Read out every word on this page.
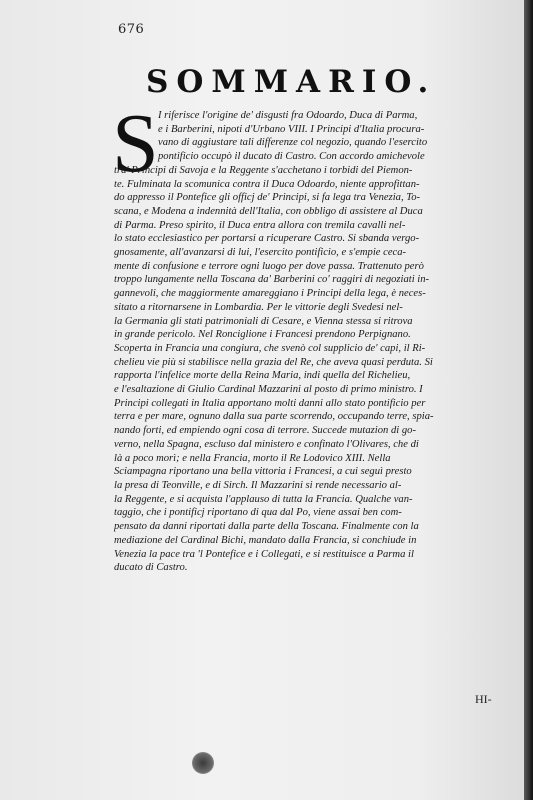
676
SOMMARIO.
S I riferisce l'origine de' disgusti fra Odoardo, Duca di Parma,
e i Barberini, nipoti d'Urbano VIII. I Principi d'Italia procura-
vano di aggiustare tali differenze col negozio, quando l'esercito
pontificio occupò il ducato di Castro. Con accordo amichevole
tra' Principi di Savoja e la Reggente s'acchetano i torbidi del Piemon-
te. Fulminata la scomunica contra il Duca Odoardo, niente approfittan-
do appresso il Pontefice gli officj de' Principi, si fa lega tra Venezia, To-
scana, e Modena a indennità dell'Italia, con obbligo di assistere al Duca
di Parma. Preso spirito, il Duca entra allora con tremila cavalli nel-
lo stato ecclesiastico per portarsi a ricuperare Castro. Si sbanda vergo-
gnosamente, all'avanzarsi di lui, l'esercito pontificio, e s'empie ceca-
mente di confusione e terrore ogni luogo per dove passa. Trattenuto però
troppo lungamente nella Toscana da' Barberini co' raggiri di negoziati in-
gannevoli, che maggiormente amareggiano i Principi della lega, è neces-
sitato a ritornarsene in Lombardia. Per le vittorie degli Svedesi nel-
la Germania gli stati patrimoniali di Cesare, e Vienna stessa si ritrova
in grande pericolo. Nel Ronciglione i Francesi prendono Perpignano.
Scoperta in Francia una congiura, che svenò col supplicio de' capi, il Ri-
chelieu vie più si stabilisce nella grazia del Re, che aveva quasi perduta. Si
rapporta l'infelice morte della Reina Maria, indi quella del Richelieu,
e l'esaltazione di Giulio Cardinal Mazzarini al posto di primo ministro. I
Principi collegati in Italia apportano molti danni allo stato pontificio per
terra e per mare, ognuno dalla sua parte scorrendo, occupando terre, spia-
nando forti, ed empiendo ogni cosa di terrore. Succede mutazion di go-
verno, nella Spagna, escluso dal ministero e confinato l'Olivares, che di
là a poco morì; e nella Francia, morto il Re Lodovico XIII. Nella
Sciampagna riportano una bella vittoria i Francesi, a cui seguì presto
la presa di Teonville, e di Sirch. Il Mazzarini si rende necessario al-
la Reggente, e si acquista l'applauso di tutta la Francia. Qualche van-
taggio, che i pontificj riportano di qua dal Po, viene assai ben com-
pensato da danni riportati dalla parte della Toscana. Finalmente con la
mediazione del Cardinal Bichi, mandato dalla Francia, si conchiude in
Venezia la pace tra 'l Pontefice e i Collegati, e si restituisce a Parma il
ducato di Castro.

HI-
